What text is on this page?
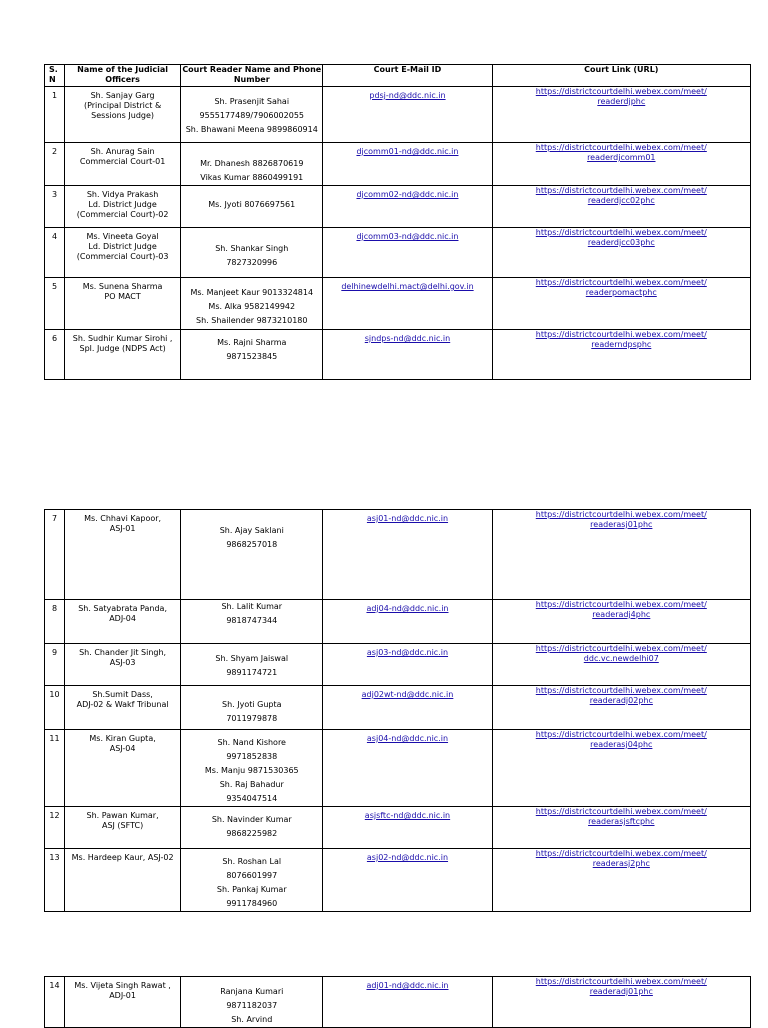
S.
N	Name of the Judicial Officers	Court Reader Name and Phone Number	Court E-Mail ID	Court Link (URL)
1	Sh. Sanjay Garg
(Principal District &
Sessions Judge)	Sh. Prasenjit Sahai
9555177489/7906002055
Sh. Bhawani Meena 9899860914	pdsj-nd@ddc.nic.in	https://districtcourtdelhi.webex.com/meet/
readerdjphc

2	Sh. Anurag Sain
Commercial Court-01	Mr. Dhanesh 8826870619
Vikas Kumar 8860499191	djcomm01-nd@ddc.nic.in	https://districtcourtdelhi.webex.com/meet/
readerdjcomm01

3	Sh. Vidya Prakash
Ld. District Judge
(Commercial Court)-02	Ms. Jyoti 8076697561	djcomm02-nd@ddc.nic.in	https://districtcourtdelhi.webex.com/meet/
readerdjcc02phc

4	Ms. Vineeta Goyal
Ld. District Judge
(Commercial Court)-03	Sh. Shankar Singh
7827320996	djcomm03-nd@ddc.nic.in	https://districtcourtdelhi.webex.com/meet/
readerdjcc03phc

5	Ms. Sunena Sharma
PO MACT	Ms. Manjeet Kaur 9013324814
Ms. Alka 9582149942
Sh. Shailender 9873210180	delhinewdelhi.mact@delhi.gov.in	https://districtcourtdelhi.webex.com/meet/
readerpomactphc

6	Sh. Sudhir Kumar Sirohi ,
Spl. Judge (NDPS Act)	Ms. Rajni Sharma
9871523845	sjndps-nd@ddc.nic.in	https://districtcourtdelhi.webex.com/meet/
readerndpsphc
7	Ms. Chhavi Kapoor,
ASJ-01	Sh. Ajay Saklani
9868257018	asj01-nd@ddc.nic.in	https://districtcourtdelhi.webex.com/meet/
readerasj01phc

8	Sh. Satyabrata Panda,
ADJ-04	Sh. Lalit Kumar
9818747344	adj04-nd@ddc.nic.in	https://districtcourtdelhi.webex.com/meet/
readeradj4phc

9	Sh. Chander Jit Singh,
ASJ-03	Sh. Shyam Jaiswal
9891174721	asj03-nd@ddc.nic.in	https://districtcourtdelhi.webex.com/meet/
ddc.vc.newdelhi07

10	Sh.Sumit Dass,
ADJ-02 & Wakf Tribunal	Sh. Jyoti Gupta
7011979878	adj02wt-nd@ddc.nic.in	https://districtcourtdelhi.webex.com/meet/
readeradj02phc

11	Ms. Kiran Gupta,
ASJ-04	Sh. Nand Kishore
9971852838
Ms. Manju 9871530365
Sh. Raj Bahadur
9354047514	asj04-nd@ddc.nic.in	https://districtcourtdelhi.webex.com/meet/
readerasj04phc

12	Sh. Pawan Kumar,
ASJ (SFTC)	Sh. Navinder Kumar
9868225982	asjsftc-nd@ddc.nic.in	https://districtcourtdelhi.webex.com/meet/
readerasjsftcphc

13	Ms. Hardeep Kaur, ASJ-02	Sh. Roshan Lal
8076601997
Sh. Pankaj Kumar
9911784960	asj02-nd@ddc.nic.in	https://districtcourtdelhi.webex.com/meet/
readerasj2phc
14	Ms. Vijeta Singh Rawat ,
ADJ-01	Ranjana Kumari
9871182037
Sh. Arvind
	adj01-nd@ddc.nic.in	https://districtcourtdelhi.webex.com/meet/
readeradj01phc
